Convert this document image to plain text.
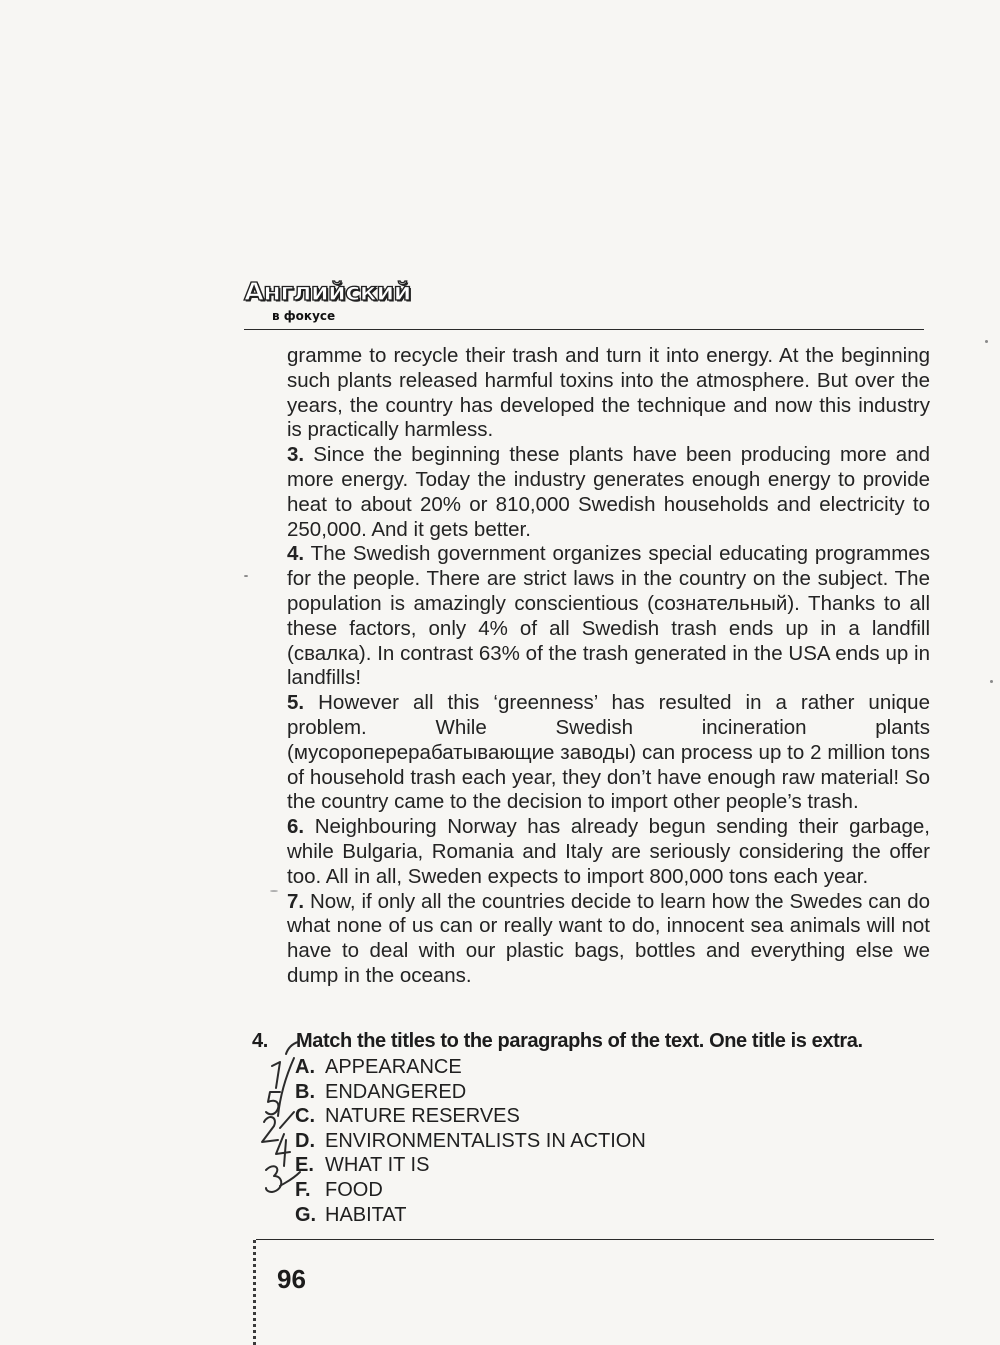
Английский
в фокусе

gramme to recycle their trash and turn it into energy. At the beginning such plants released harmful toxins into the atmosphere. But over the years, the country has developed the technique and now this industry is practically harmless.

3. Since the beginning these plants have been producing more and more energy. Today the industry generates enough energy to provide heat to about 20% or 810,000 Swedish households and electricity to 250,000. And it gets better.

4. The Swedish government organizes special educating programmes for the people. There are strict laws in the country on the subject. The population is amazingly conscientious (сознательный). Thanks to all these factors, only 4% of all Swedish trash ends up in a landfill (свалка). In contrast 63% of the trash generated in the USA ends up in landfills!

5. However all this ‘greenness’ has resulted in a rather unique problem. While Swedish incineration plants (мусороперерабатывающие заводы) can process up to 2 million tons of household trash each year, they don’t have enough raw material! So the country came to the decision to import other people’s trash.

6. Neighbouring Norway has already begun sending their garbage, while Bulgaria, Romania and Italy are seriously considering the offer too. All in all, Sweden expects to import 800,000 tons each year.

7. Now, if only all the countries decide to learn how the Swedes can do what none of us can or really want to do, innocent sea animals will not have to deal with our plastic bags, bottles and everything else we dump in the oceans.

4. Match the titles to the paragraphs of the text. One title is extra.

A. APPEARANCE
B. ENDANGERED
C. NATURE RESERVES
D. ENVIRONMENTALISTS IN ACTION
E. WHAT IT IS
F. FOOD
G. HABITAT
96
